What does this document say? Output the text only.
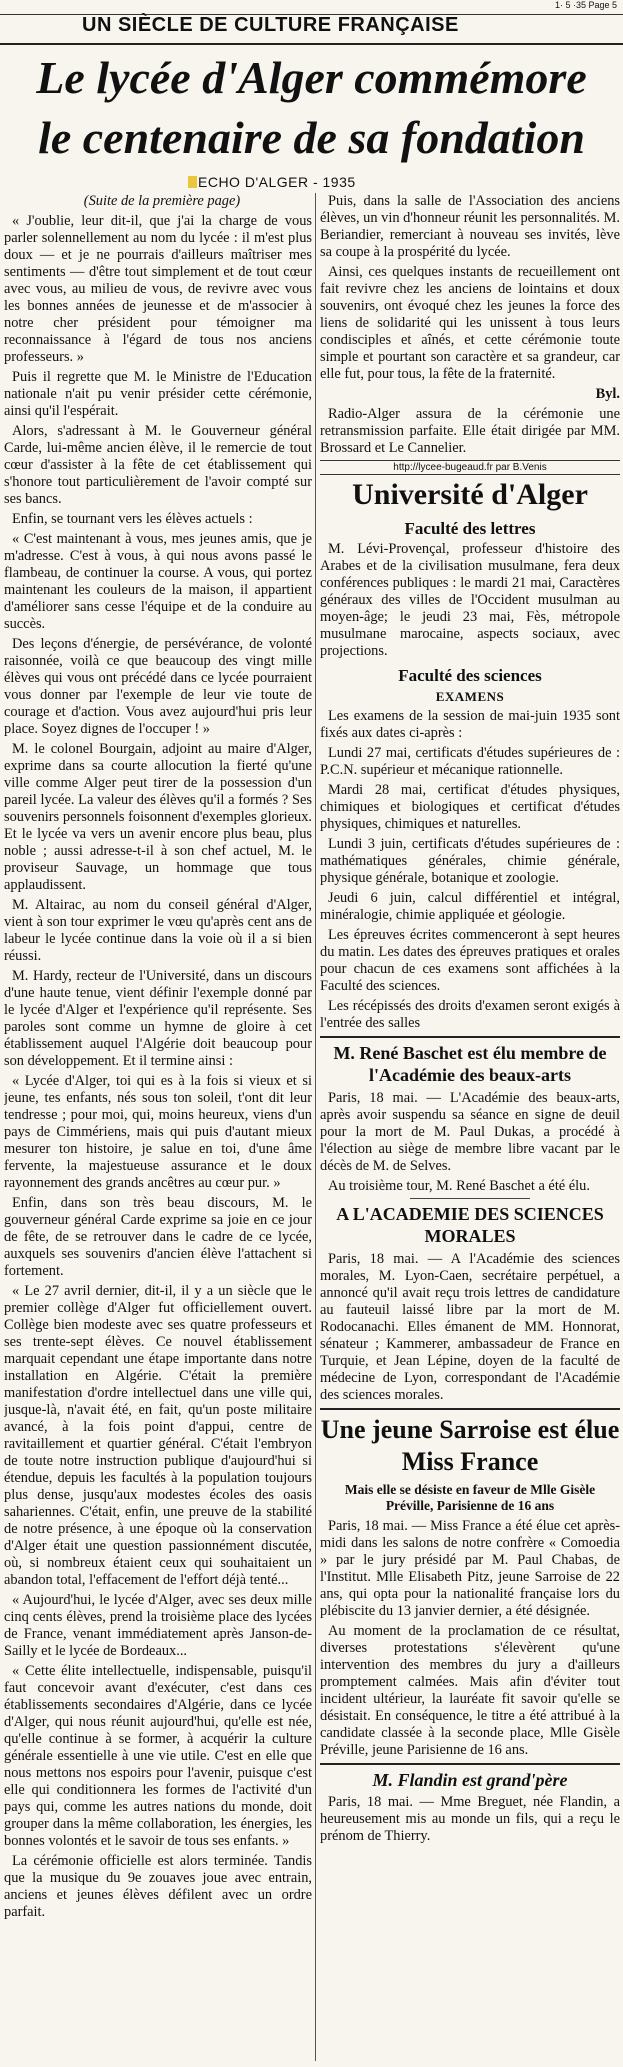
1· 5 ·35 Page 5
UN SIÈCLE DE CULTURE FRANÇAISE
Le lycée d'Alger commémore
le centenaire de sa fondation
ECHO D'ALGER - 1935

(Suite de la première page)

« J'oublie, leur dit-il, que j'ai la charge de vous parler solennellement au nom du lycée : il m'est plus doux — et je ne pourrais d'ailleurs maîtriser mes sentiments — d'être tout simplement et de tout cœur avec vous, au milieu de vous, de revivre avec vous les bonnes années de jeunesse et de m'associer à notre cher président pour témoigner ma reconnaissance à l'égard de tous nos anciens professeurs. »

Puis il regrette que M. le Ministre de l'Education nationale n'ait pu venir présider cette cérémonie, ainsi qu'il l'espérait.

Alors, s'adressant à M. le Gouverneur général Carde, lui-même ancien élève, il le remercie de tout cœur d'assister à la fête de cet établissement qui s'honore tout particulièrement de l'avoir compté sur ses bancs.

Enfin, se tournant vers les élèves actuels :

« C'est maintenant à vous, mes jeunes amis, que je m'adresse. C'est à vous, à qui nous avons passé le flambeau, de continuer la course. A vous, qui portez maintenant les couleurs de la maison, il appartient d'améliorer sans cesse l'équipe et de la conduire au succès.

Des leçons d'énergie, de persévérance, de volonté raisonnée, voilà ce que beaucoup des vingt mille élèves qui vous ont précédé dans ce lycée pourraient vous donner par l'exemple de leur vie toute de courage et d'action. Vous avez aujourd'hui pris leur place. Soyez dignes de l'occuper ! »

M. le colonel Bourgain, adjoint au maire d'Alger, exprime dans sa courte allocution la fierté qu'une ville comme Alger peut tirer de la possession d'un pareil lycée. La valeur des élèves qu'il a formés ? Ses souvenirs personnels foisonnent d'exemples glorieux. Et le lycée va vers un avenir encore plus beau, plus noble ; aussi adresse-t-il à son chef actuel, M. le proviseur Sauvage, un hommage que tous applaudissent.

M. Altairac, au nom du conseil général d'Alger, vient à son tour exprimer le vœu qu'après cent ans de labeur le lycée continue dans la voie où il a si bien réussi.

M. Hardy, recteur de l'Université, dans un discours d'une haute tenue, vient définir l'exemple donné par le lycée d'Alger et l'expérience qu'il représente. Ses paroles sont comme un hymne de gloire à cet établissement auquel l'Algérie doit beaucoup pour son développement. Et il termine ainsi :

« Lycée d'Alger, toi qui es à la fois si vieux et si jeune, tes enfants, nés sous ton soleil, t'ont dit leur tendresse ; pour moi, qui, moins heureux, viens d'un pays de Cimmériens, mais qui puis d'autant mieux mesurer ton histoire, je salue en toi, d'une âme fervente, la majestueuse assurance et le doux rayonnement des grands ancêtres au cœur pur. »

Enfin, dans son très beau discours, M. le gouverneur général Carde exprime sa joie en ce jour de fête, de se retrouver dans le cadre de ce lycée, auxquels ses souvenirs d'ancien élève l'attachent si fortement.

« Le 27 avril dernier, dit-il, il y a un siècle que le premier collège d'Alger fut officiellement ouvert. Collège bien modeste avec ses quatre professeurs et ses trente-sept élèves. Ce nouvel établissement marquait cependant une étape importante dans notre installation en Algérie. C'était la première manifestation d'ordre intellectuel dans une ville qui, jusque-là, n'avait été, en fait, qu'un poste militaire avancé, à la fois point d'appui, centre de ravitaillement et quartier général. C'était l'embryon de toute notre instruction publique d'aujourd'hui si étendue, depuis les facultés à la population toujours plus dense, jusqu'aux modestes écoles des oasis sahariennes. C'était, enfin, une preuve de la stabilité de notre présence, à une époque où la conservation d'Alger était une question passionnément discutée, où, si nombreux étaient ceux qui souhaitaient un abandon total, l'effacement de l'effort déjà tenté...

« Aujourd'hui, le lycée d'Alger, avec ses deux mille cinq cents élèves, prend la troisième place des lycées de France, venant immédiatement après Janson-de-Sailly et le lycée de Bordeaux...

« Cette élite intellectuelle, indispensable, puisqu'il faut concevoir avant d'exécuter, c'est dans ces établissements secondaires d'Algérie, dans ce lycée d'Alger, qui nous réunit aujourd'hui, qu'elle est née, qu'elle continue à se former, à acquérir la culture générale essentielle à une vie utile. C'est en elle que nous mettons nos espoirs pour l'avenir, puisque c'est elle qui conditionnera les formes de l'activité d'un pays qui, comme les autres nations du monde, doit grouper dans la même collaboration, les énergies, les bonnes volontés et le savoir de tous ses enfants. »

La cérémonie officielle est alors terminée. Tandis que la musique du 9e zouaves joue avec entrain, anciens et jeunes élèves défilent avec un ordre parfait.

Puis, dans la salle de l'Association des anciens élèves, un vin d'honneur réunit les personnalités. M. Beriandier, remerciant à nouveau ses invités, lève sa coupe à la prospérité du lycée.

Ainsi, ces quelques instants de recueillement ont fait revivre chez les anciens de lointains et doux souvenirs, ont évoqué chez les jeunes la force des liens de solidarité qui les unissent à tous leurs condisciples et aînés, et cette cérémonie toute simple et pourtant son caractère et sa grandeur, car elle fut, pour tous, la fête de la fraternité.

Byl.

Radio-Alger assura de la cérémonie une retransmission parfaite. Elle était dirigée par MM. Brossard et Le Cannelier.

http://lycee-bugeaud.fr par B.Venis
Université d'Alger
Faculté des lettres

M. Lévi-Provençal, professeur d'histoire des Arabes et de la civilisation musulmane, fera deux conférences publiques : le mardi 21 mai, Caractères généraux des villes de l'Occident musulman au moyen-âge; le jeudi 23 mai, Fès, métropole musulmane marocaine, aspects sociaux, avec projections.

Faculté des sciences
EXAMENS

Les examens de la session de mai-juin 1935 sont fixés aux dates ci-après :

Lundi 27 mai, certificats d'études supérieures de : P.C.N. supérieur et mécanique rationnelle.

Mardi 28 mai, certificat d'études physiques, chimiques et biologiques et certificat d'études physiques, chimiques et naturelles.

Lundi 3 juin, certificats d'études supérieures de : mathématiques générales, chimie générale, physique générale, botanique et zoologie.

Jeudi 6 juin, calcul différentiel et intégral, minéralogie, chimie appliquée et géologie.

Les épreuves écrites commenceront à sept heures du matin. Les dates des épreuves pratiques et orales pour chacun de ces examens sont affichées à la Faculté des sciences.

Les récépissés des droits d'examen seront exigés à l'entrée des salles

M. René Baschet est élu membre de l'Académie des beaux-arts

Paris, 18 mai. — L'Académie des beaux-arts, après avoir suspendu sa séance en signe de deuil pour la mort de M. Paul Dukas, a procédé à l'élection au siège de membre libre vacant par le décès de M. de Selves.

Au troisième tour, M. René Baschet a été élu.

A L'ACADEMIE DES SCIENCES MORALES

Paris, 18 mai. — A l'Académie des sciences morales, M. Lyon-Caen, secrétaire perpétuel, a annoncé qu'il avait reçu trois lettres de candidature au fauteuil laissé libre par la mort de M. Rodocanachi. Elles émanent de MM. Honnorat, sénateur ; Kammerer, ambassadeur de France en Turquie, et Jean Lépine, doyen de la faculté de médecine de Lyon, correspondant de l'Académie des sciences morales.

Une jeune Sarroise est élue Miss France
Mais elle se désiste en faveur de Mlle Gisèle Préville, Parisienne de 16 ans

Paris, 18 mai. — Miss France a été élue cet après-midi dans les salons de notre confrère « Comoedia » par le jury présidé par M. Paul Chabas, de l'Institut. Mlle Elisabeth Pitz, jeune Sarroise de 22 ans, qui opta pour la nationalité française lors du plébiscite du 13 janvier dernier, a été désignée.

Au moment de la proclamation de ce résultat, diverses protestations s'élevèrent qu'une intervention des membres du jury a d'ailleurs promptement calmées. Mais afin d'éviter tout incident ultérieur, la lauréate fit savoir qu'elle se désistait. En conséquence, le titre a été attribué à la candidate classée à la seconde place, Mlle Gisèle Préville, jeune Parisienne de 16 ans.

M. Flandin est grand'père

Paris, 18 mai. — Mme Breguet, née Flandin, a heureusement mis au monde un fils, qui a reçu le prénom de Thierry.
